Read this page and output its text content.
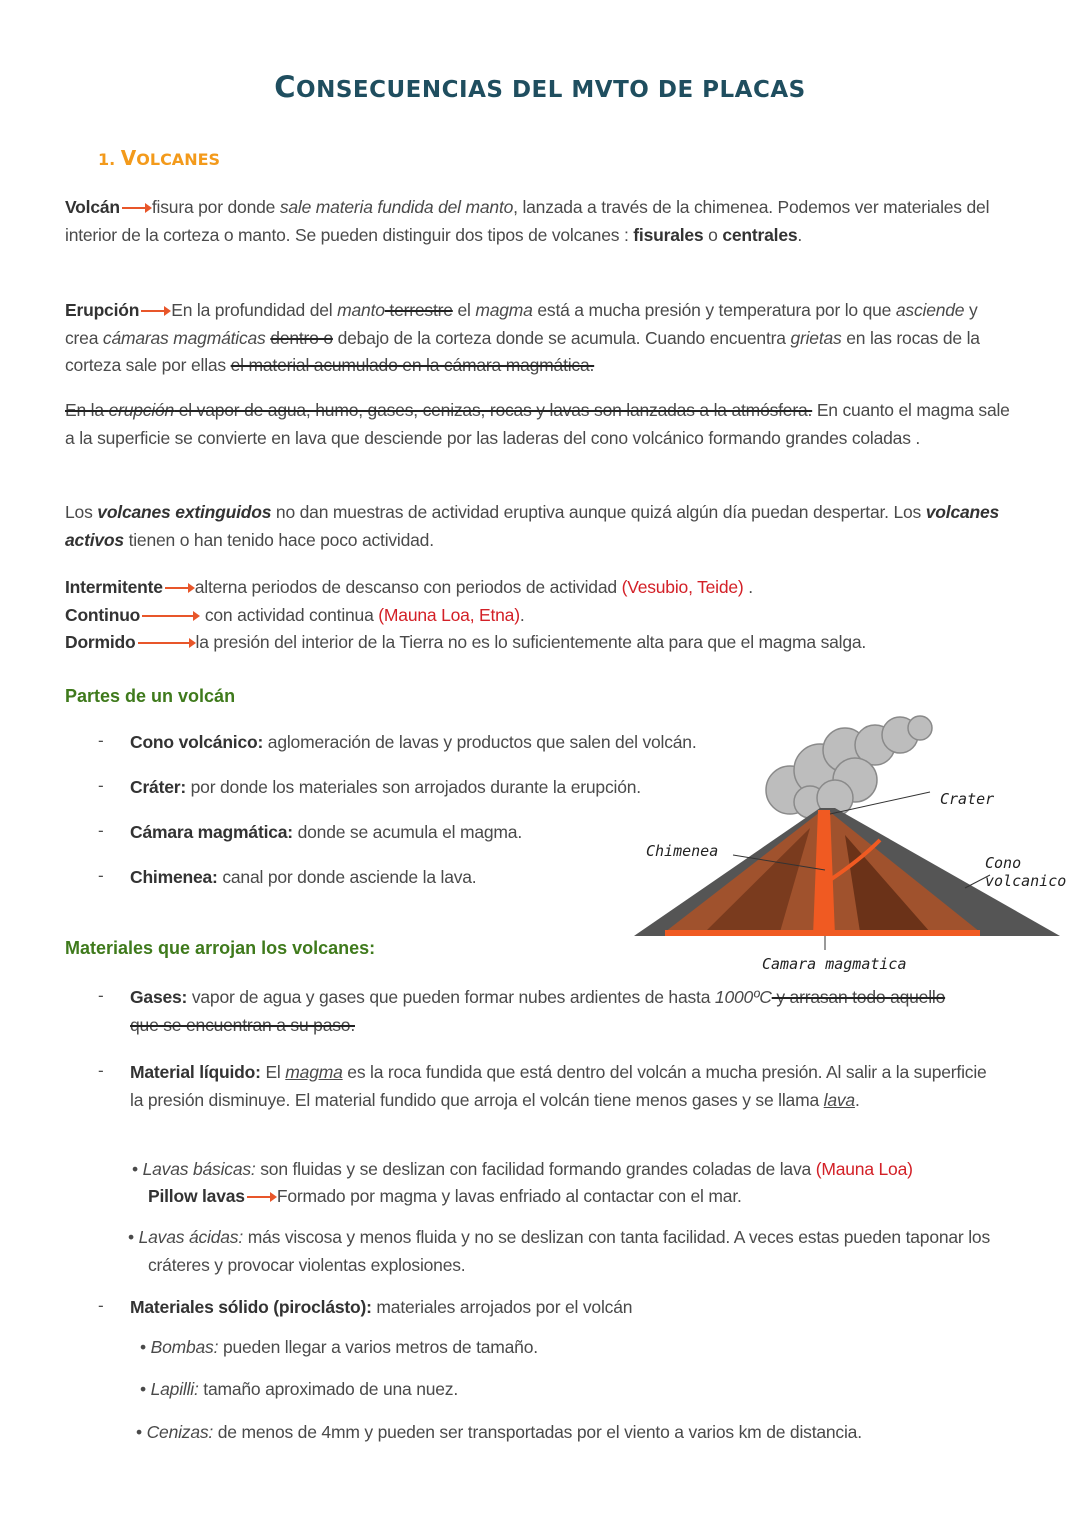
CONSECUENCIAS DEL MVTO DE PLACAS
1. VOLCANES
Volcán fisura por donde sale materia fundida del manto, lanzada a través de la chimenea. Podemos ver materiales del interior de la corteza o manto. Se pueden distinguir dos tipos de volcanes : fisurales o centrales.
Erupción En la profundidad del manto terrestre el magma está a mucha presión y temperatura por lo que asciende y crea cámaras magmáticas dentro o debajo de la corteza donde se acumula. Cuando encuentra grietas en las rocas de la corteza sale por ellas el material acumulado en la cámara magmática.
En la erupción el vapor de agua, humo, gases, cenizas, rocas y lavas son lanzadas a la atmósfera. En cuanto el magma sale a la superficie se convierte en lava que desciende por las laderas del cono volcánico formando grandes coladas .
Los volcanes extinguidos no dan muestras de actividad eruptiva aunque quizá algún día puedan despertar. Los volcanes activos tienen o han tenido hace poco actividad.
Intermitente alterna periodos de descanso con periodos de actividad (Vesubio, Teide) .
Continuo	con actividad continua (Mauna Loa, Etna).
Dormido	la presión del interior de la Tierra no es lo suficientemente alta para que el magma salga.
Partes de un volcán
- Cono volcánico: aglomeración de lavas y productos que salen del volcán.
- Cráter: por donde los materiales son arrojados durante la erupción.
- Cámara magmática: donde se acumula el magma.
- Chimenea: canal por donde asciende la lava.
Crater
Chimenea
Cono volcanico
Camara magmatica
Materiales que arrojan los volcanes:
- Gases: vapor de agua y gases que pueden formar nubes ardientes de hasta 1000ºC y arrasan todo aquello que se encuentran a su paso.
- Material líquido: El magma es la roca fundida que está dentro del volcán a mucha presión. Al salir a la superficie la presión disminuye. El material fundido que arroja el volcán tiene menos gases y se llama lava.
• Lavas básicas: son fluidas y se deslizan con facilidad formando grandes coladas de lava (Mauna Loa)
Pillow lavas Formado por magma y lavas enfriado al contactar con el mar.
• Lavas ácidas: más viscosa y menos fluida y no se deslizan con tanta facilidad. A veces estas pueden taponar los cráteres y provocar violentas explosiones.
- Materiales sólido (piroclásto): materiales arrojados por el volcán
• Bombas: pueden llegar a varios metros de tamaño.
• Lapilli: tamaño aproximado de una nuez.
• Cenizas: de menos de 4mm y pueden ser transportadas por el viento a varios km de distancia.
